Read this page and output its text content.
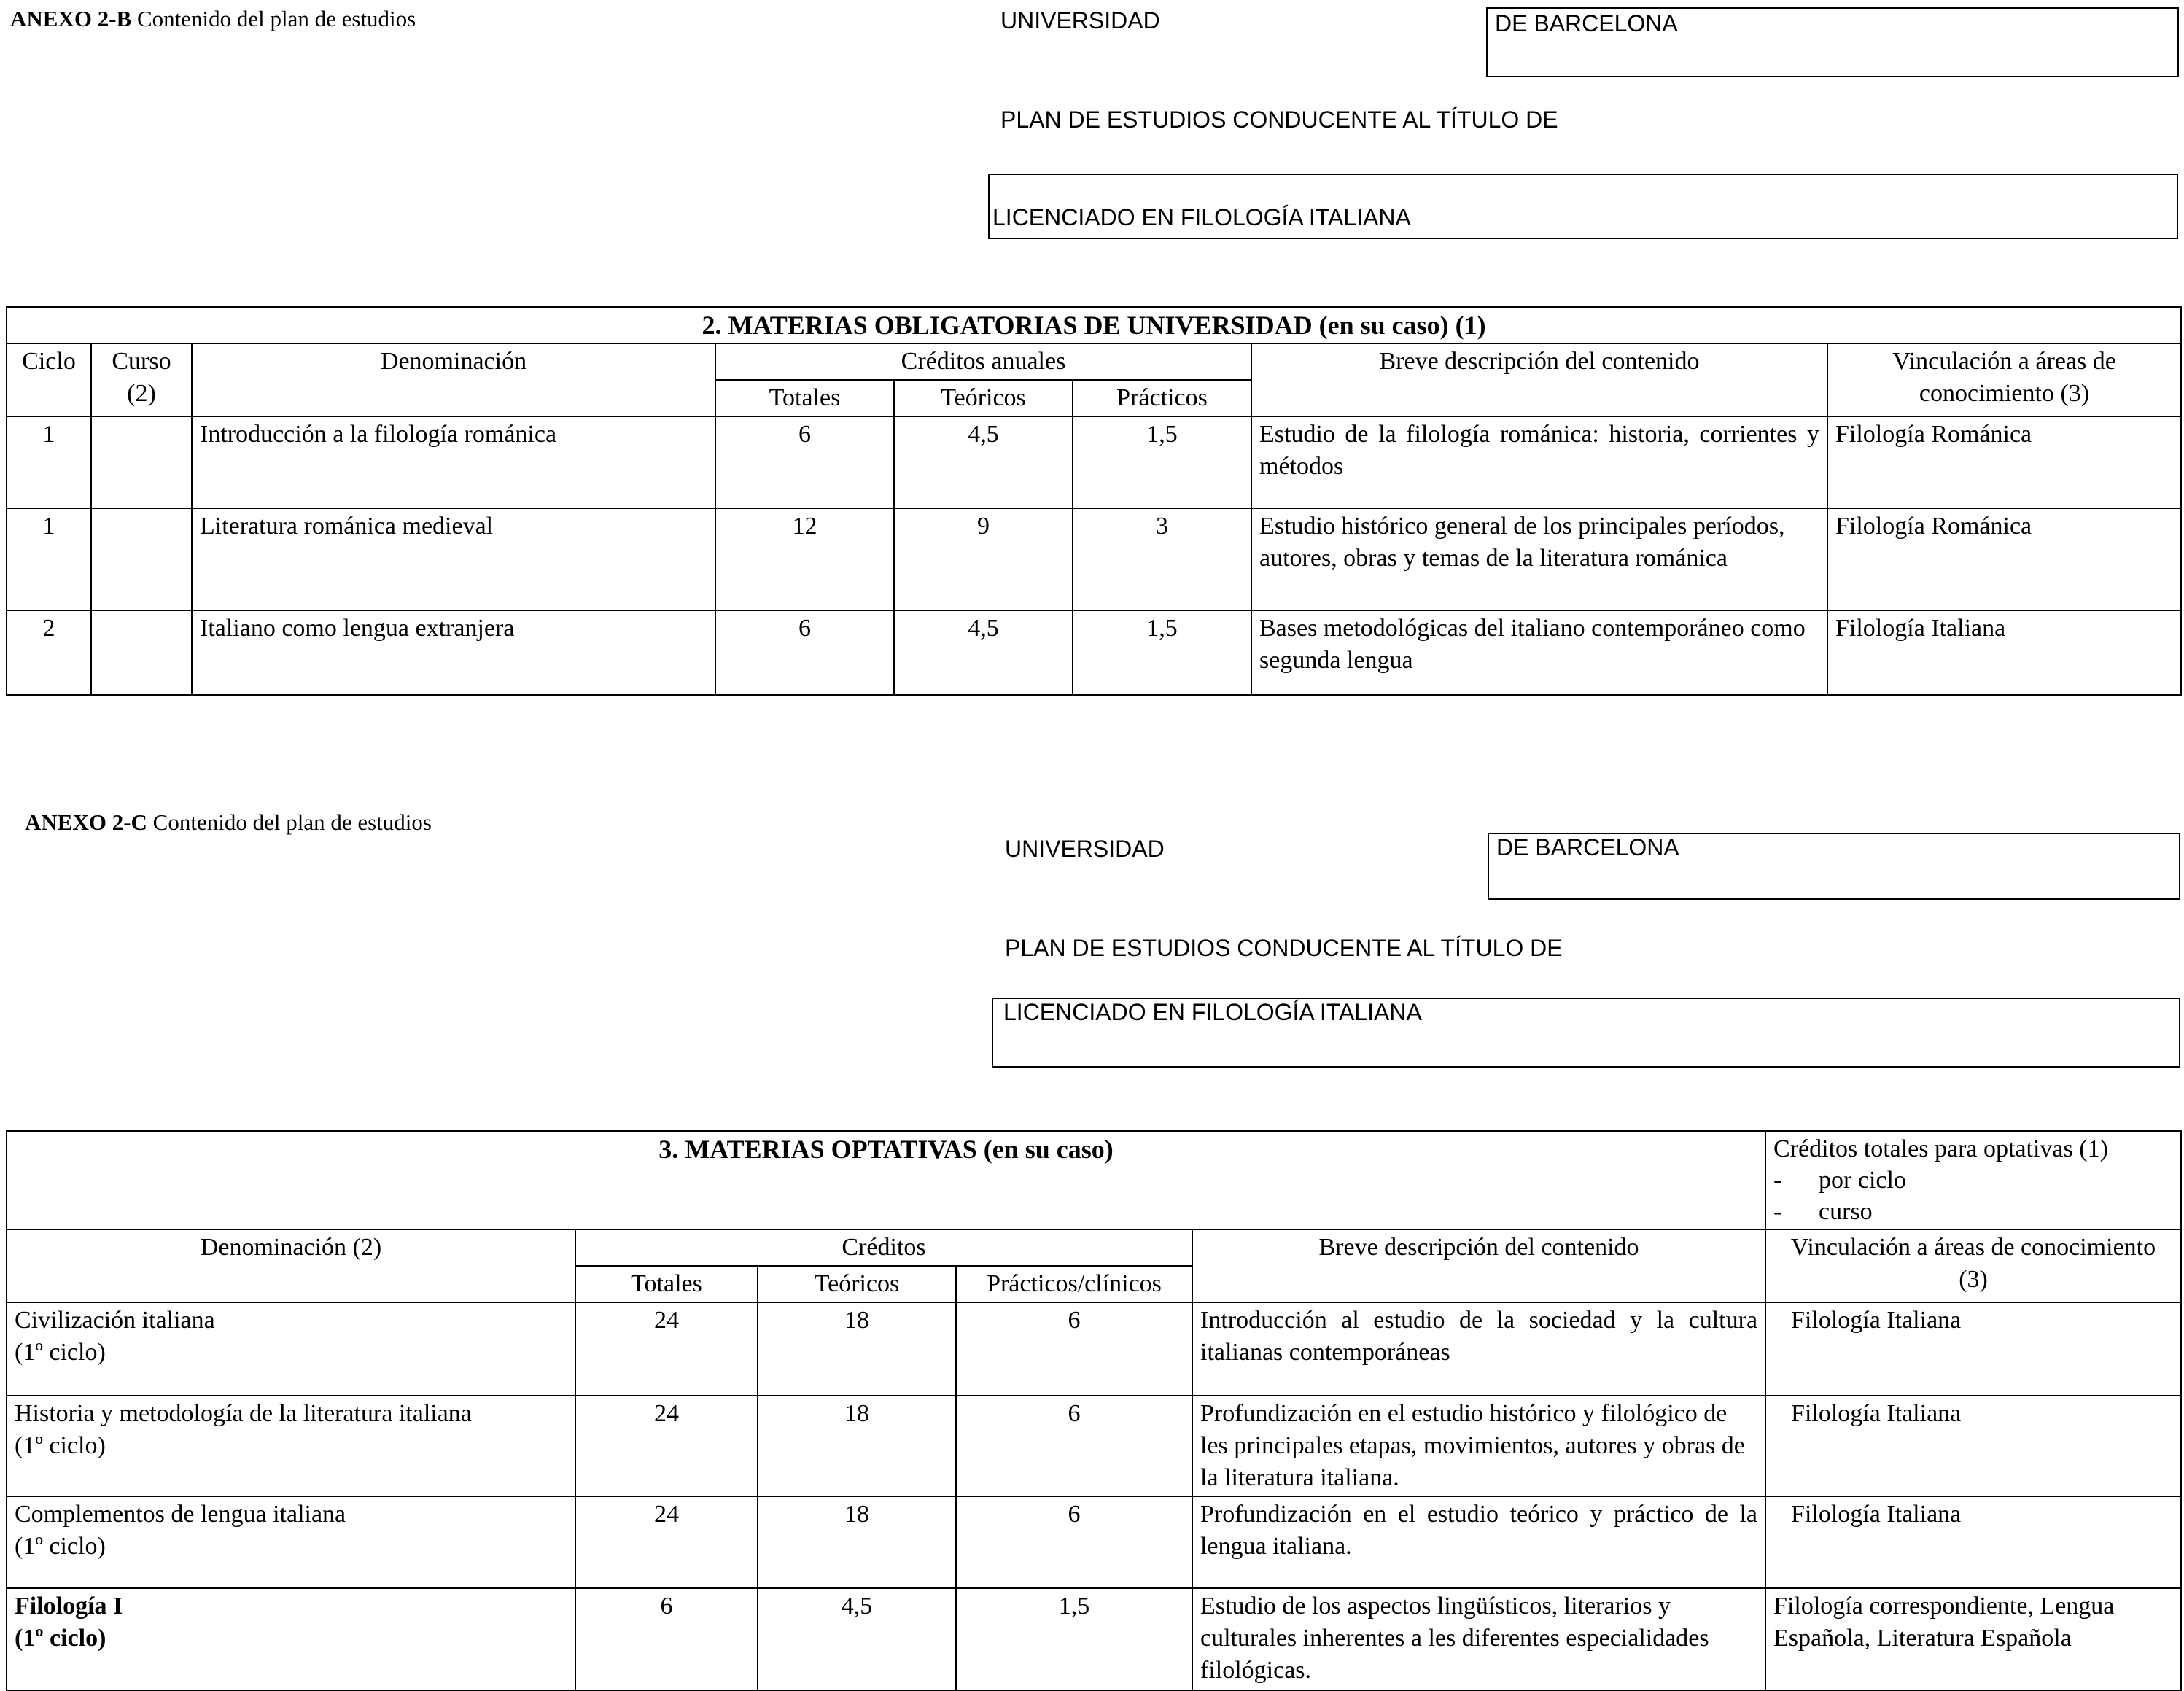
ANEXO 2-B Contenido del plan de estudios	UNIVERSIDAD	DE BARCELONA
PLAN DE ESTUDIOS CONDUCENTE AL TÍTULO DE
LICENCIADO EN FILOLOGÍA ITALIANA
2. MATERIAS OBLIGATORIAS DE UNIVERSIDAD (en su caso) (1)							
Ciclo	Curso (2)	Denominación	Créditos anuales			Breve descripción del contenido	Vinculación a áreas de conocimiento (3)
			Totales	Teóricos	Prácticos		
1		Introducción a la filología románica	6	4,5	1,5	Estudio de la filología románica: historia, corrientes y métodos	Filología Románica
1		Literatura románica medieval	12	9	3	Estudio histórico general de los principales períodos, autores, obras y temas de la literatura románica	Filología Románica
2		Italiano como lengua extranjera	6	4,5	1,5	Bases metodológicas del italiano contemporáneo como segunda lengua	Filología Italiana
ANEXO 2-C Contenido del plan de estudios
UNIVERSIDAD	DE BARCELONA
PLAN DE ESTUDIOS CONDUCENTE AL TÍTULO DE
LICENCIADO EN FILOLOGÍA ITALIANA
3. MATERIAS OPTATIVAS (en su caso)					Créditos totales para optativas (1)
- por ciclo
- curso

Denominación (2)	Créditos			Breve descripción del contenido	Vinculación a áreas de conocimiento (3)
	Totales	Teóricos	Prácticos/clínicos		

Civilización italiana
(1º ciclo)	24	18	6	Introducción al estudio de la sociedad y la cultura italianas contemporáneas	Filología Italiana

Historia y metodología de la literatura italiana
(1º ciclo)	24	18	6	Profundización en el estudio histórico y filológico de les principales etapas, movimientos, autores y obras de la literatura italiana.	Filología Italiana

Complementos de lengua italiana
(1º ciclo)	24	18	6	Profundización en el estudio teórico y práctico de la lengua italiana.	Filología Italiana

Filología I
(1º ciclo)	6	4,5	1,5	Estudio de los aspectos lingüísticos, literarios y culturales inherentes a les diferentes especialidades filológicas.	Filología correspondiente, Lengua Española, Literatura Española
